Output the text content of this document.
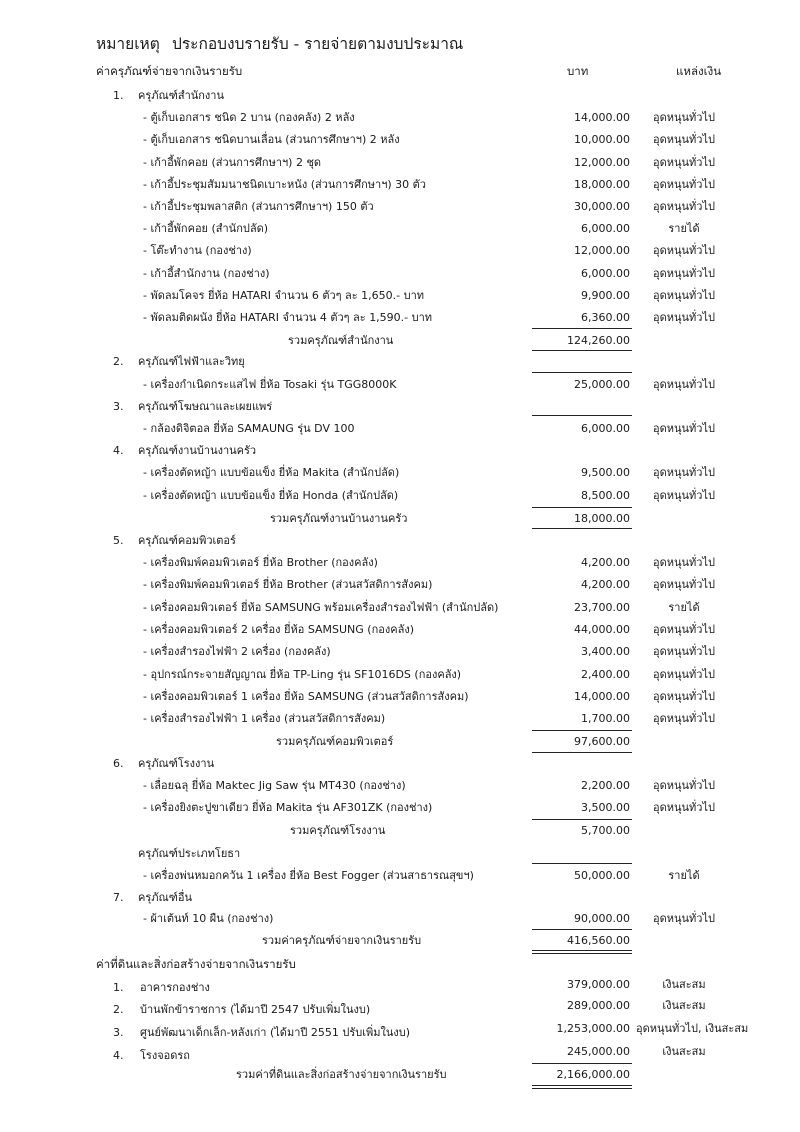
หมายเหตุ ประกอบงบรายรับ - รายจ่ายตามงบประมาณ
ค่าครุภัณฑ์จ่ายจากเงินรายรับ	บาท	แหล่งเงิน
1. ครุภัณฑ์สำนักงาน
- ตู้เก็บเอกสาร ชนิด 2 บาน (กองคลัง) 2 หลัง	14,000.00	อุดหนุนทั่วไป
- ตู้เก็บเอกสาร ชนิดบานเลื่อน (ส่วนการศึกษาฯ) 2 หลัง	10,000.00	อุดหนุนทั่วไป
- เก้าอี้พักคอย (ส่วนการศึกษาฯ) 2 ชุด	12,000.00	อุดหนุนทั่วไป
- เก้าอี้ประชุมสัมมนาชนิดเบาะหนัง (ส่วนการศึกษาฯ) 30 ตัว	18,000.00	อุดหนุนทั่วไป
- เก้าอี้ประชุมพลาสติก (ส่วนการศึกษาฯ) 150 ตัว	30,000.00	อุดหนุนทั่วไป
- เก้าอี้พักคอย (สำนักปลัด)	6,000.00	รายได้
- โต๊ะทำงาน (กองช่าง)	12,000.00	อุดหนุนทั่วไป
- เก้าอี้สำนักงาน (กองช่าง)	6,000.00	อุดหนุนทั่วไป
- พัดลมโคจร ยี่ห้อ HATARI จำนวน 6 ตัวๆ ละ 1,650.- บาท	9,900.00	อุดหนุนทั่วไป
- พัดลมติดผนัง ยี่ห้อ HATARI จำนวน 4 ตัวๆ ละ 1,590.- บาท	6,360.00	อุดหนุนทั่วไป
รวมครุภัณฑ์สำนักงาน	124,260.00
2. ครุภัณฑ์ไฟฟ้าและวิทยุ
- เครื่องกำเนิดกระแสไฟ ยี่ห้อ Tosaki รุ่น TGG8000K	25,000.00	อุดหนุนทั่วไป
3. ครุภัณฑ์โฆษณาและเผยแพร่
- กล้องดิจิตอล ยี่ห้อ SAMAUNG รุ่น DV 100	6,000.00	อุดหนุนทั่วไป
4. ครุภัณฑ์งานบ้านงานครัว
- เครื่องตัดหญ้า แบบข้อแข็ง ยี่ห้อ Makita (สำนักปลัด)	9,500.00	อุดหนุนทั่วไป
- เครื่องตัดหญ้า แบบข้อแข็ง ยี่ห้อ Honda (สำนักปลัด)	8,500.00	อุดหนุนทั่วไป
รวมครุภัณฑ์งานบ้านงานครัว	18,000.00
5. ครุภัณฑ์คอมพิวเตอร์
- เครื่องพิมพ์คอมพิวเตอร์ ยี่ห้อ Brother (กองคลัง)	4,200.00	อุดหนุนทั่วไป
- เครื่องพิมพ์คอมพิวเตอร์ ยี่ห้อ Brother (ส่วนสวัสดิการสังคม)	4,200.00	อุดหนุนทั่วไป
- เครื่องคอมพิวเตอร์ ยี่ห้อ SAMSUNG พร้อมเครื่องสำรองไฟฟ้า (สำนักปลัด)	23,700.00	รายได้
- เครื่องคอมพิวเตอร์ 2 เครื่อง ยี่ห้อ SAMSUNG (กองคลัง)	44,000.00	อุดหนุนทั่วไป
- เครื่องสำรองไฟฟ้า 2 เครื่อง (กองคลัง)	3,400.00	อุดหนุนทั่วไป
- อุปกรณ์กระจายสัญญาณ ยี่ห้อ TP-Ling รุ่น SF1016DS (กองคลัง)	2,400.00	อุดหนุนทั่วไป
- เครื่องคอมพิวเตอร์ 1 เครื่อง ยี่ห้อ SAMSUNG (ส่วนสวัสดิการสังคม)	14,000.00	อุดหนุนทั่วไป
- เครื่องสำรองไฟฟ้า 1 เครื่อง (ส่วนสวัสดิการสังคม)	1,700.00	อุดหนุนทั่วไป
รวมครุภัณฑ์คอมพิวเตอร์	97,600.00
6. ครุภัณฑ์โรงงาน
- เลื่อยฉลุ ยี่ห้อ Maktec Jig Saw รุ่น MT430 (กองช่าง)	2,200.00	อุดหนุนทั่วไป
- เครื่องยิงตะปูขาเดียว ยี่ห้อ Makita รุ่น AF301ZK (กองช่าง)	3,500.00	อุดหนุนทั่วไป
รวมครุภัณฑ์โรงงาน	5,700.00
ครุภัณฑ์ประเภทโยธา
- เครื่องพ่นหมอกควัน 1 เครื่อง ยี่ห้อ Best Fogger (ส่วนสาธารณสุขฯ)	50,000.00	รายได้
7. ครุภัณฑ์อื่น
- ผ้าเต้นท์ 10 ผืน (กองช่าง)	90,000.00	อุดหนุนทั่วไป
รวมค่าครุภัณฑ์จ่ายจากเงินรายรับ	416,560.00
ค่าที่ดินและสิ่งก่อสร้างจ่ายจากเงินรายรับ
1. อาคารกองช่าง	379,000.00	เงินสะสม
2. บ้านพักข้าราชการ (ได้มาปี 2547 ปรับเพิ่มในงบ)	289,000.00	เงินสะสม
3. ศูนย์พัฒนาเด็กเล็ก-หลังเก่า (ได้มาปี 2551 ปรับเพิ่มในงบ)	1,253,000.00 อุดหนุนทั่วไป, เงินสะสม
4. โรงจอดรถ	245,000.00	เงินสะสม
รวมค่าที่ดินและสิ่งก่อสร้างจ่ายจากเงินรายรับ	2,166,000.00
